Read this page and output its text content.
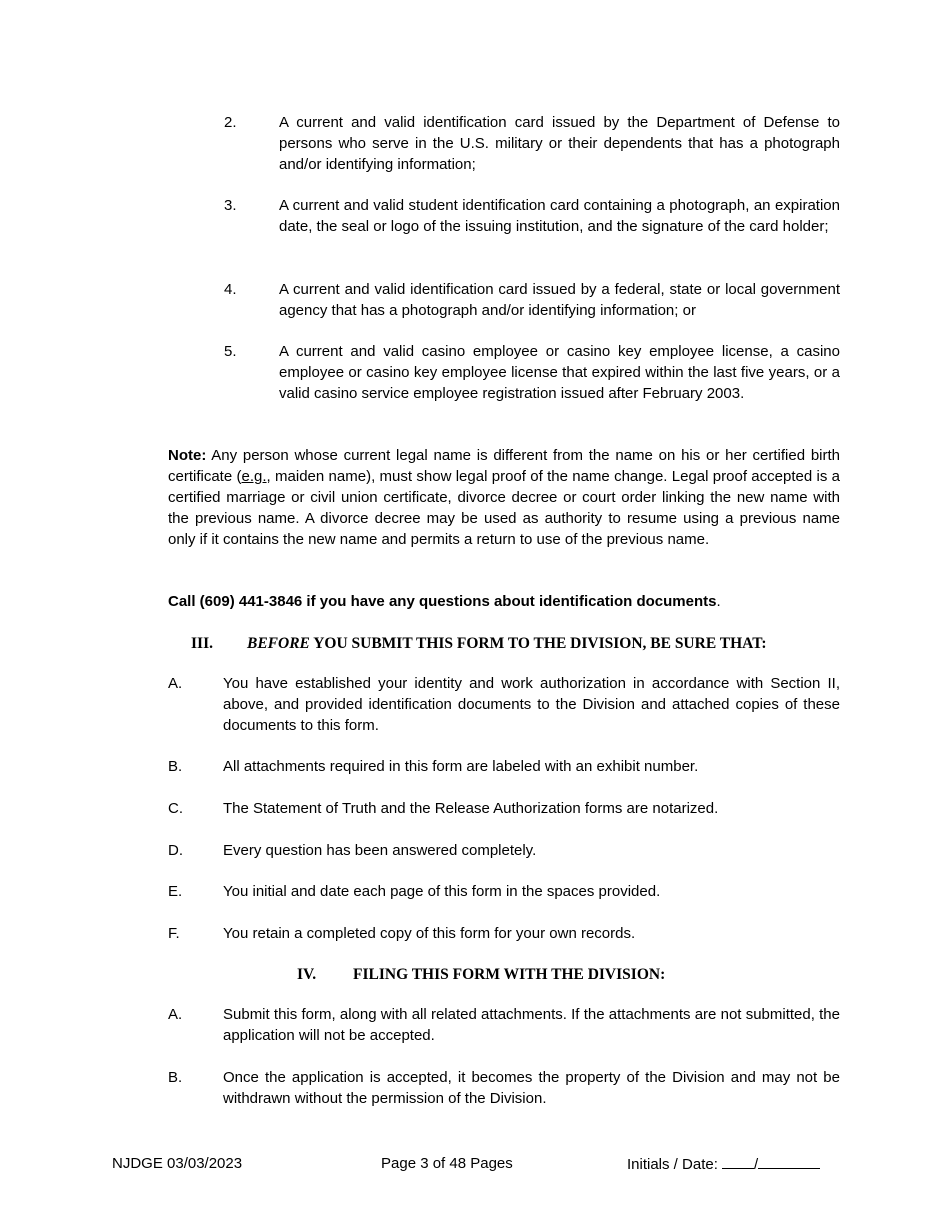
2.	A current and valid identification card issued by the Department of Defense to persons who serve in the U.S. military or their dependents that has a photograph and/or identifying information;
3.	A current and valid student identification card containing a photograph, an expiration date, the seal or logo of the issuing institution, and the signature of the card holder;
4.	A current and valid identification card issued by a federal, state or local government agency that has a photograph and/or identifying information; or
5.	A current and valid casino employee or casino key employee license, a casino employee or casino key employee license that expired within the last five years, or a valid casino service employee registration issued after February 2003.
Note: Any person whose current legal name is different from the name on his or her certified birth certificate (e.g., maiden name), must show legal proof of the name change. Legal proof accepted is a certified marriage or civil union certificate, divorce decree or court order linking the new name with the previous name. A divorce decree may be used as authority to resume using a previous name only if it contains the new name and permits a return to use of the previous name.
Call (609) 441-3846 if you have any questions about identification documents.
III. BEFORE YOU SUBMIT THIS FORM TO THE DIVISION, BE SURE THAT:
A.	You have established your identity and work authorization in accordance with Section II, above, and provided identification documents to the Division and attached copies of these documents to this form.
B.	All attachments required in this form are labeled with an exhibit number.
C.	The Statement of Truth and the Release Authorization forms are notarized.
D.	Every question has been answered completely.
E.	You initial and date each page of this form in the spaces provided.
F.	You retain a completed copy of this form for your own records.
IV. FILING THIS FORM WITH THE DIVISION:
A.	Submit this form, along with all related attachments. If the attachments are not submitted, the application will not be accepted.
B.	Once the application is accepted, it becomes the property of the Division and may not be withdrawn without the permission of the Division.
NJDGE 03/03/2023	Page 3 of 48 Pages	Initials / Date: /
